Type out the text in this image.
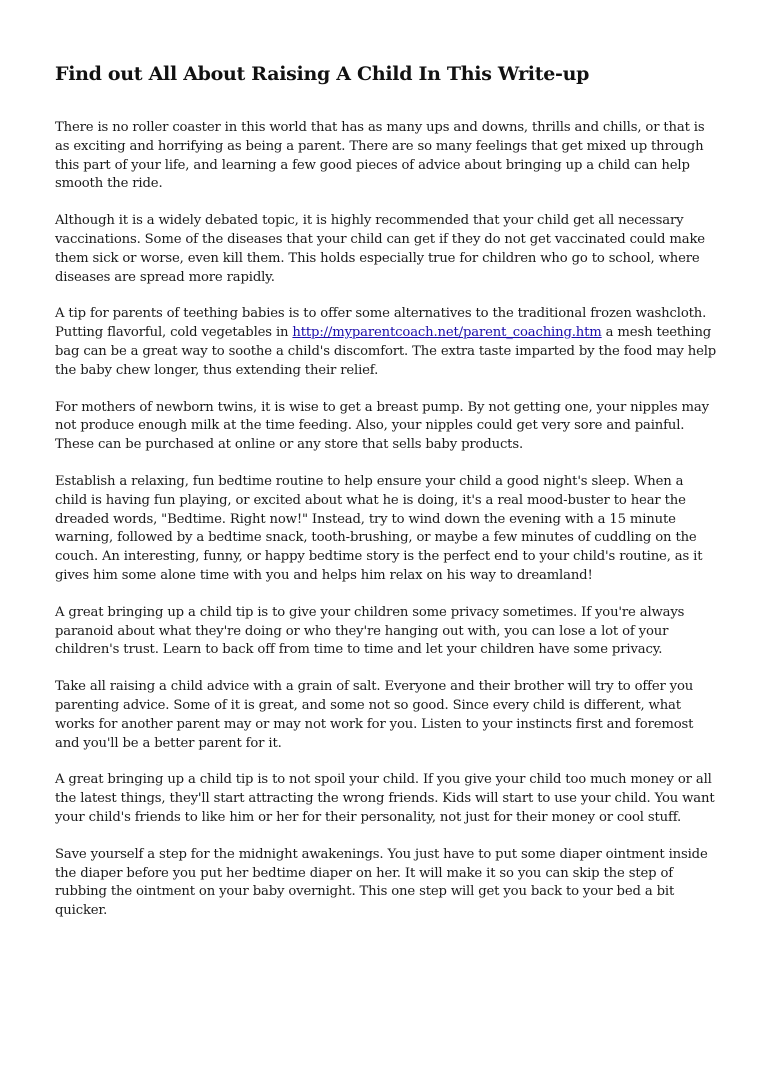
Find out All About Raising A Child In This Write-up

There is no roller coaster in this world that has as many ups and downs, thrills and chills, or that is as exciting and horrifying as being a parent. There are so many feelings that get mixed up through this part of your life, and learning a few good pieces of advice about bringing up a child can help smooth the ride.

Although it is a widely debated topic, it is highly recommended that your child get all necessary vaccinations. Some of the diseases that your child can get if they do not get vaccinated could make them sick or worse, even kill them. This holds especially true for children who go to school, where diseases are spread more rapidly.

A tip for parents of teething babies is to offer some alternatives to the traditional frozen washcloth. Putting flavorful, cold vegetables in http://myparentcoach.net/parent_coaching.htm a mesh teething bag can be a great way to soothe a child's discomfort. The extra taste imparted by the food may help the baby chew longer, thus extending their relief.

For mothers of newborn twins, it is wise to get a breast pump. By not getting one, your nipples may not produce enough milk at the time feeding. Also, your nipples could get very sore and painful. These can be purchased at online or any store that sells baby products.

Establish a relaxing, fun bedtime routine to help ensure your child a good night's sleep. When a child is having fun playing, or excited about what he is doing, it's a real mood-buster to hear the dreaded words, "Bedtime. Right now!" Instead, try to wind down the evening with a 15 minute warning, followed by a bedtime snack, tooth-brushing, or maybe a few minutes of cuddling on the couch. An interesting, funny, or happy bedtime story is the perfect end to your child's routine, as it gives him some alone time with you and helps him relax on his way to dreamland!

A great bringing up a child tip is to give your children some privacy sometimes. If you're always paranoid about what they're doing or who they're hanging out with, you can lose a lot of your children's trust. Learn to back off from time to time and let your children have some privacy.

Take all raising a child advice with a grain of salt. Everyone and their brother will try to offer you parenting advice. Some of it is great, and some not so good. Since every child is different, what works for another parent may or may not work for you. Listen to your instincts first and foremost and you'll be a better parent for it.

A great bringing up a child tip is to not spoil your child. If you give your child too much money or all the latest things, they'll start attracting the wrong friends. Kids will start to use your child. You want your child's friends to like him or her for their personality, not just for their money or cool stuff.

Save yourself a step for the midnight awakenings. You just have to put some diaper ointment inside the diaper before you put her bedtime diaper on her. It will make it so you can skip the step of rubbing the ointment on your baby overnight. This one step will get you back to your bed a bit quicker.
